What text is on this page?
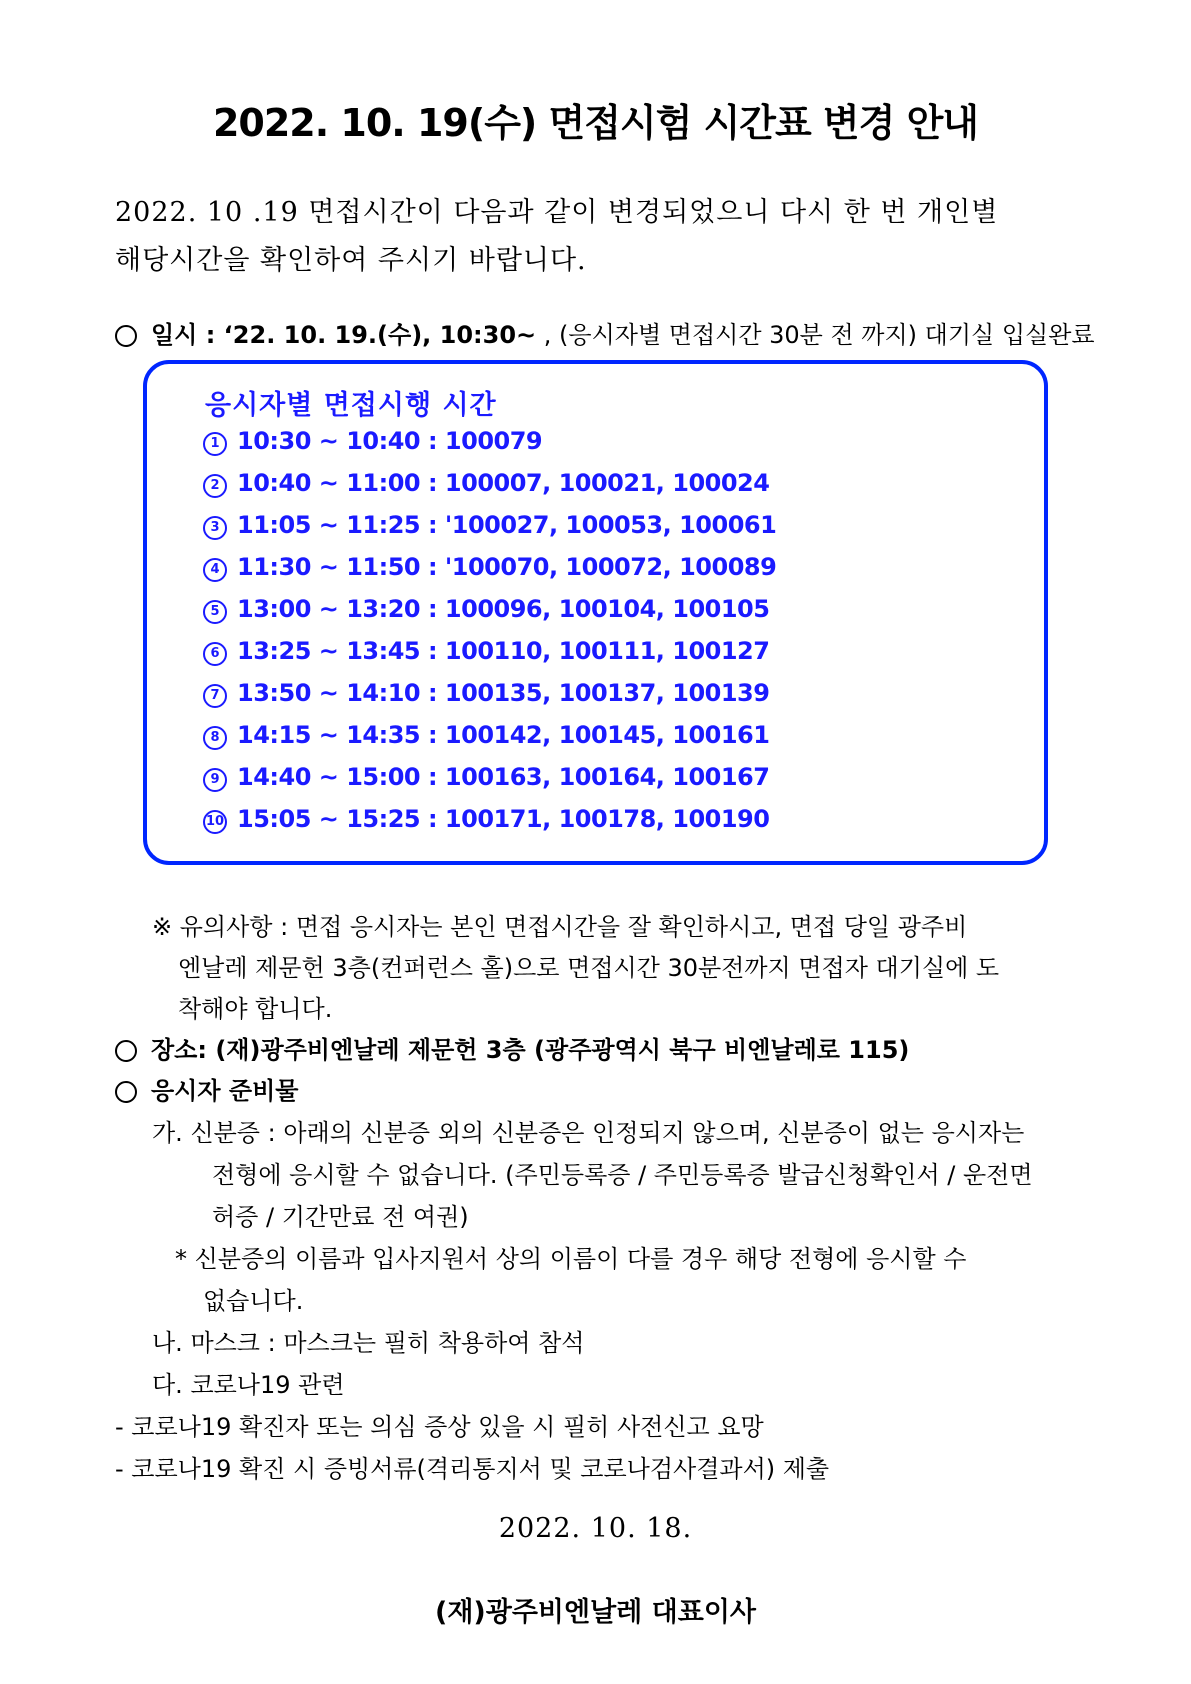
2022. 10. 19(수) 면접시험 시간표 변경 안내
2022. 10 .19 면접시간이 다음과 같이 변경되었으니 다시 한 번 개인별
해당시간을 확인하여 주시기 바랍니다.
일시 : ‘22. 10. 19.(수), 10:30~ , (응시자별 면접시간 30분 전 까지) 대기실 입실완료
응시자별 면접시행 시간
1 10:30 ~ 10:40 : 100079
2 10:40 ~ 11:00 : 100007, 100021, 100024
3 11:05 ~ 11:25 : '100027, 100053, 100061
4 11:30 ~ 11:50 : '100070, 100072, 100089
5 13:00 ~ 13:20 : 100096, 100104, 100105
6 13:25 ~ 13:45 : 100110, 100111, 100127
7 13:50 ~ 14:10 : 100135, 100137, 100139
8 14:15 ~ 14:35 : 100142, 100145, 100161
9 14:40 ~ 15:00 : 100163, 100164, 100167
10 15:05 ~ 15:25 : 100171, 100178, 100190
※ 유의사항 : 면접 응시자는 본인 면접시간을 잘 확인하시고, 면접 당일 광주비
엔날레 제문헌 3층(컨퍼런스 홀)으로 면접시간 30분전까지 면접자 대기실에 도
착해야 합니다.
장소: (재)광주비엔날레 제문헌 3층 (광주광역시 북구 비엔날레로 115)
응시자 준비물
가. 신분증 : 아래의 신분증 외의 신분증은 인정되지 않으며, 신분증이 없는 응시자는
전형에 응시할 수 없습니다. (주민등록증 / 주민등록증 발급신청확인서 / 운전면
허증 / 기간만료 전 여권)
* 신분증의 이름과 입사지원서 상의 이름이 다를 경우 해당 전형에 응시할 수
없습니다.
나. 마스크 : 마스크는 필히 착용하여 참석
다. 코로나19 관련
- 코로나19 확진자 또는 의심 증상 있을 시 필히 사전신고 요망
- 코로나19 확진 시 증빙서류(격리통지서 및 코로나검사결과서) 제출
2022. 10. 18.
(재)광주비엔날레 대표이사
